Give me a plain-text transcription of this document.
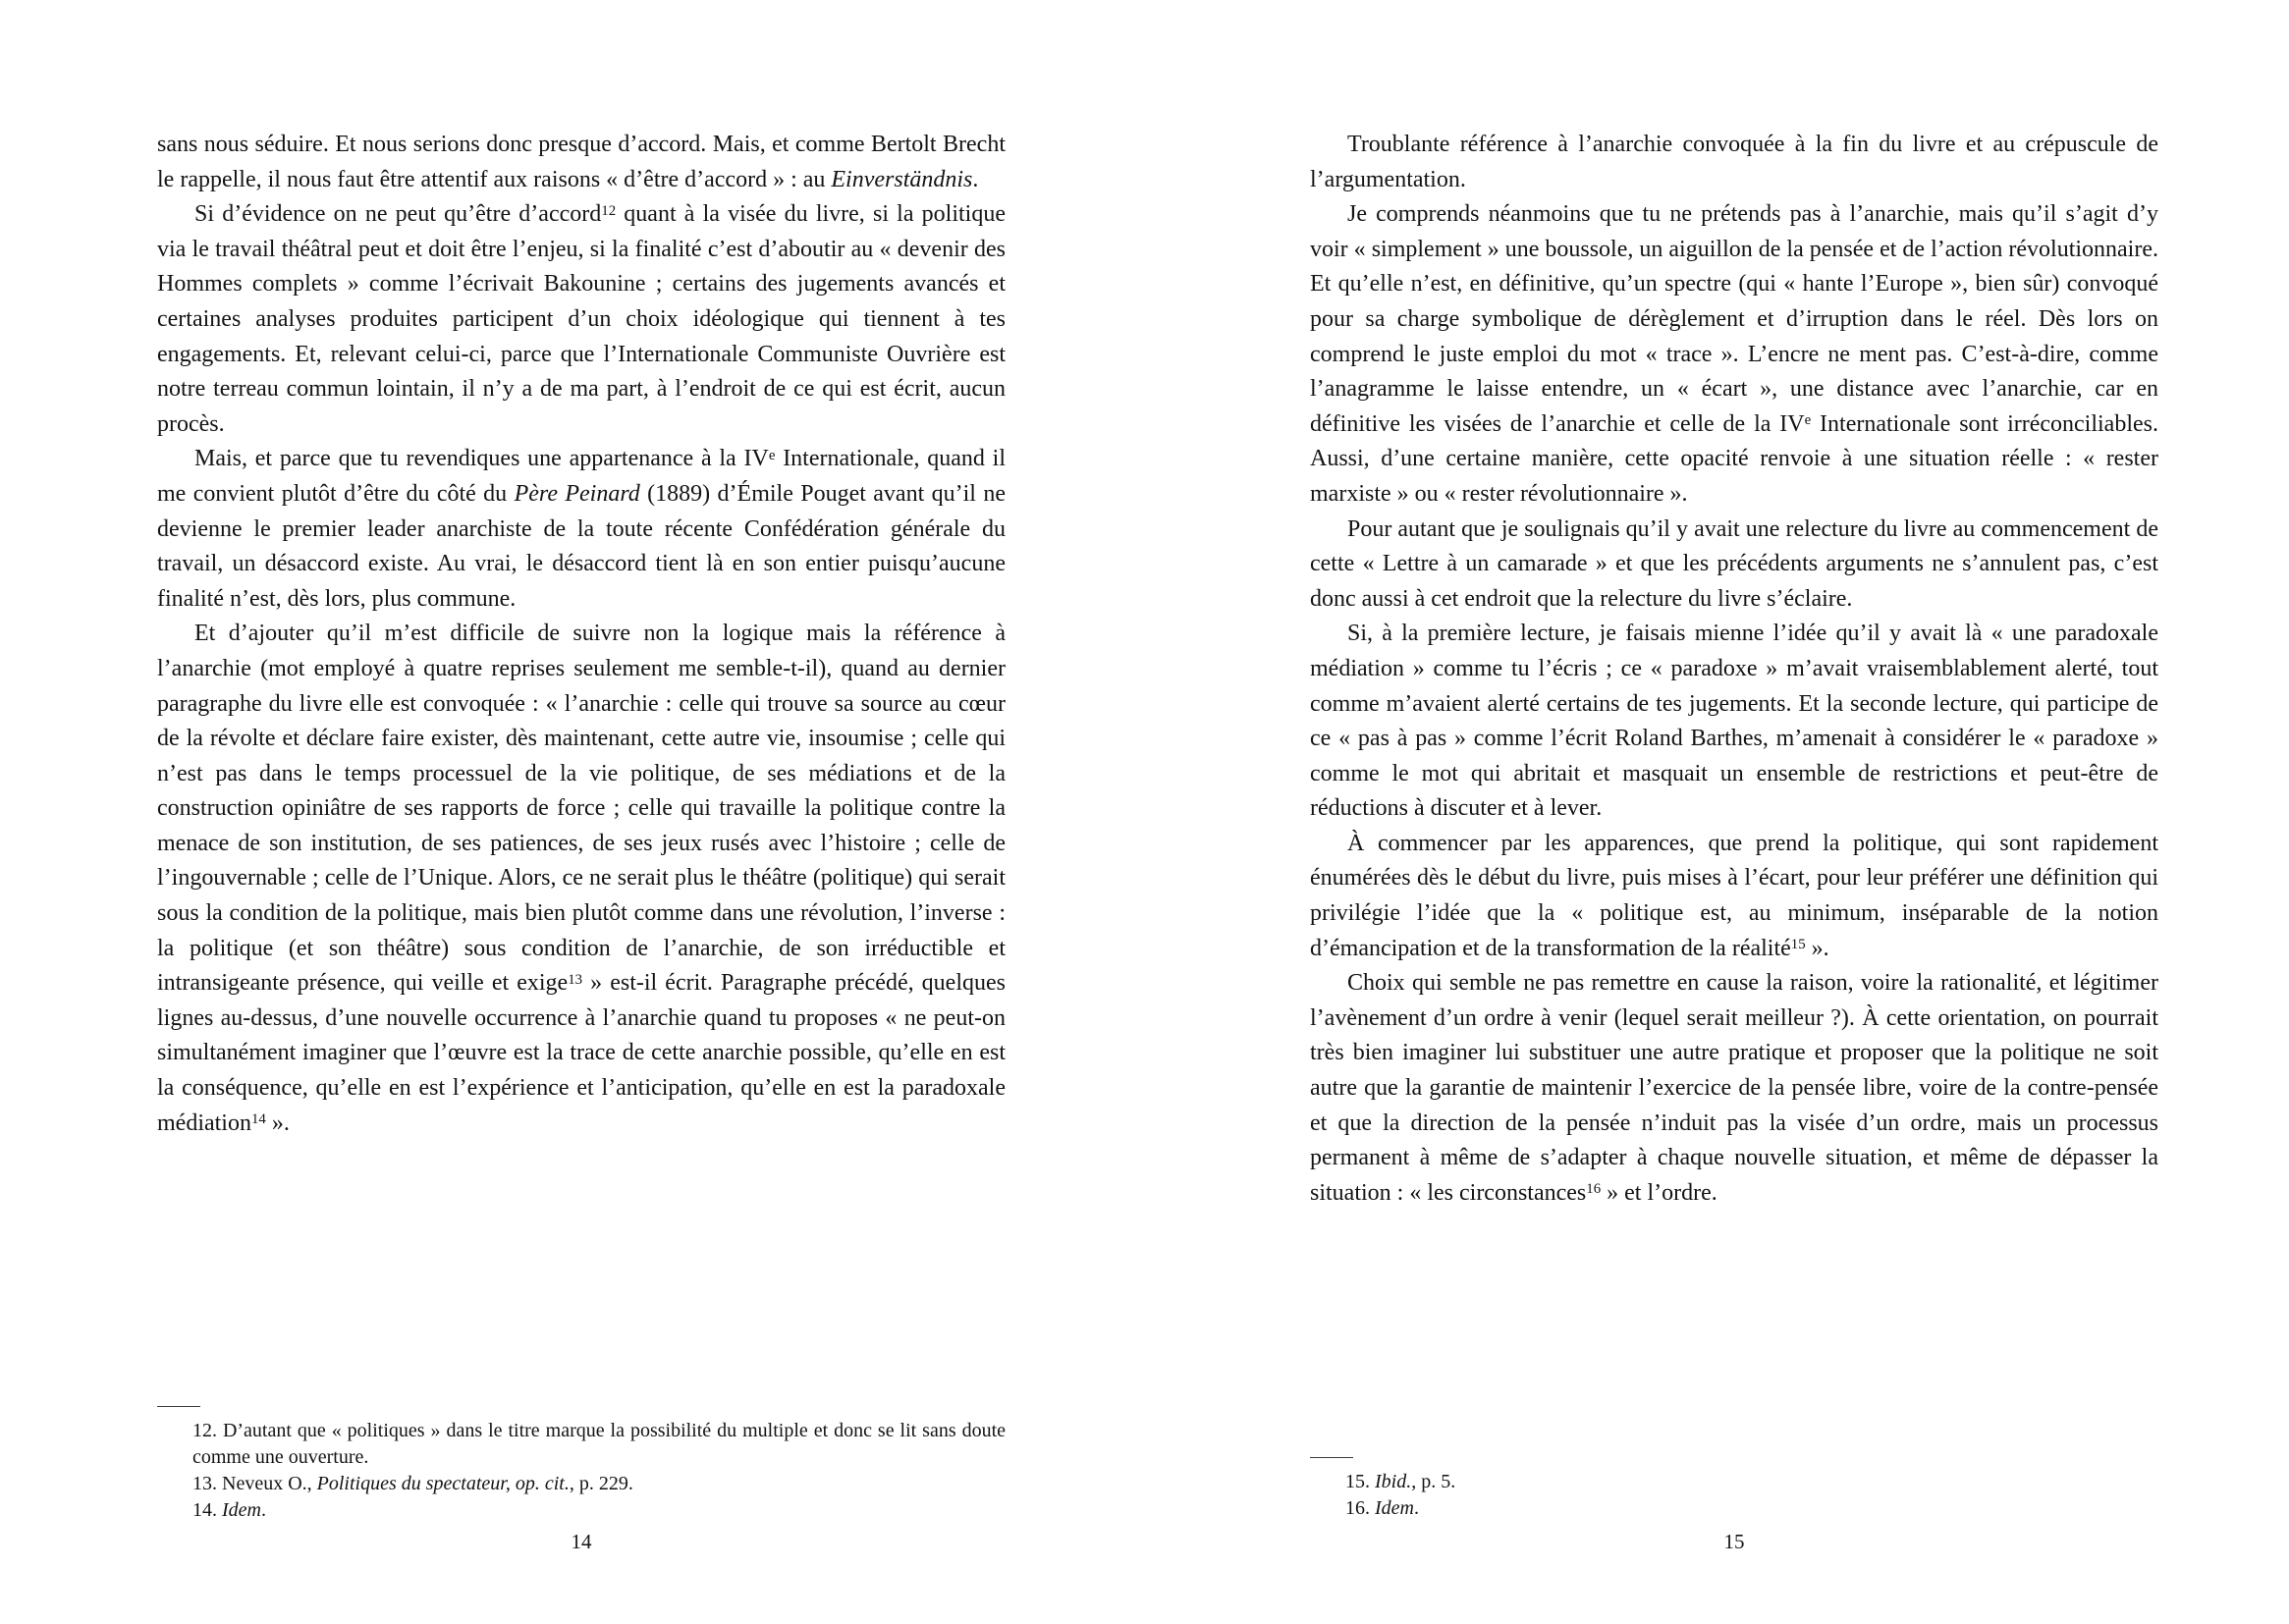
sans nous séduire. Et nous serions donc presque d’accord. Mais, et comme Bertolt Brecht le rappelle, il nous faut être attentif aux raisons « d’être d’accord » : au Einverständnis.

Si d’évidence on ne peut qu’être d’accord$^{12}$ quant à la visée du livre, si la politique via le travail théâtral peut et doit être l’enjeu, si la finalité c’est d’aboutir au « devenir des Hommes complets » comme l’écrivait Bakounine ; certains des jugements avancés et certaines analyses produites participent d’un choix idéologique qui tiennent à tes engagements. Et, relevant celui-ci, parce que l’Internationale Communiste Ouvrière est notre terreau commun lointain, il n’y a de ma part, à l’endroit de ce qui est écrit, aucun procès.

Mais, et parce que tu revendiques une appartenance à la IVe Internationale, quand il me convient plutôt d’être du côté du Père Peinard (1889) d’Émile Pouget avant qu’il ne devienne le premier leader anarchiste de la toute récente Confédération générale du travail, un désaccord existe. Au vrai, le désaccord tient là en son entier puisqu’aucune finalité n’est, dès lors, plus commune.

Et d’ajouter qu’il m’est difficile de suivre non la logique mais la référence à l’anarchie (mot employé à quatre reprises seulement me semble-t-il), quand au dernier paragraphe du livre elle est convoquée : « l’anarchie : celle qui trouve sa source au cœur de la révolte et déclare faire exister, dès maintenant, cette autre vie, insoumise ; celle qui n’est pas dans le temps processuel de la vie politique, de ses médiations et de la construction opiniâtre de ses rapports de force ; celle qui travaille la politique contre la menace de son institution, de ses patiences, de ses jeux rusés avec l’histoire ; celle de l’ingouvernable ; celle de l’Unique. Alors, ce ne serait plus le théâtre (politique) qui serait sous la condition de la politique, mais bien plutôt comme dans une révolution, l’inverse : la politique (et son théâtre) sous condition de l’anarchie, de son irréductible et intransigeante présence, qui veille et exige$^{13}$ » est-il écrit. Paragraphe précédé, quelques lignes au-dessus, d’une nouvelle occurrence à l’anarchie quand tu proposes « ne peut-on simultanément imaginer que l’œuvre est la trace de cette anarchie possible, qu’elle en est la conséquence, qu’elle en est l’expérience et l’anticipation, qu’elle en est la paradoxale médiation$^{14}$ ».

12. D’autant que « politiques » dans le titre marque la possibilité du multiple et donc se lit sans doute comme une ouverture.

13. Neveux O., Politiques du spectateur, op. cit., p. 229.

14. Idem.

14

Troublante référence à l’anarchie convoquée à la fin du livre et au crépuscule de l’argumentation.

Je comprends néanmoins que tu ne prétends pas à l’anarchie, mais qu’il s’agit d’y voir « simplement » une boussole, un aiguillon de la pensée et de l’action révolutionnaire. Et qu’elle n’est, en définitive, qu’un spectre (qui « hante l’Europe », bien sûr) convoqué pour sa charge symbolique de dérèglement et d’irruption dans le réel. Dès lors on comprend le juste emploi du mot « trace ». L’encre ne ment pas. C’est-à-dire, comme l’anagramme le laisse entendre, un « écart », une distance avec l’anarchie, car en définitive les visées de l’anarchie et celle de la IVe Internationale sont irréconciliables. Aussi, d’une certaine manière, cette opacité renvoie à une situation réelle : « rester marxiste » ou « rester révolutionnaire ».

Pour autant que je soulignais qu’il y avait une relecture du livre au commencement de cette « Lettre à un camarade » et que les précédents arguments ne s’annulent pas, c’est donc aussi à cet endroit que la relecture du livre s’éclaire.

Si, à la première lecture, je faisais mienne l’idée qu’il y avait là « une paradoxale médiation » comme tu l’écris ; ce « paradoxe » m’avait vraisemblablement alerté, tout comme m’avaient alerté certains de tes jugements. Et la seconde lecture, qui participe de ce « pas à pas » comme l’écrit Roland Barthes, m’amenait à considérer le « paradoxe » comme le mot qui abritait et masquait un ensemble de restrictions et peut-être de réductions à discuter et à lever.

À commencer par les apparences, que prend la politique, qui sont rapidement énumérées dès le début du livre, puis mises à l’écart, pour leur préférer une définition qui privilégie l’idée que la « politique est, au minimum, inséparable de la notion d’émancipation et de la transformation de la réalité$^{15}$ ».

Choix qui semble ne pas remettre en cause la raison, voire la rationalité, et légitimer l’avènement d’un ordre à venir (lequel serait meilleur ?). À cette orientation, on pourrait très bien imaginer lui substituer une autre pratique et proposer que la politique ne soit autre que la garantie de maintenir l’exercice de la pensée libre, voire de la contre-pensée et que la direction de la pensée n’induit pas la visée d’un ordre, mais un processus permanent à même de s’adapter à chaque nouvelle situation, et même de dépasser la situation : « les circonstances$^{16}$ » et l’ordre.

15. Ibid., p. 5.

16. Idem.

15
